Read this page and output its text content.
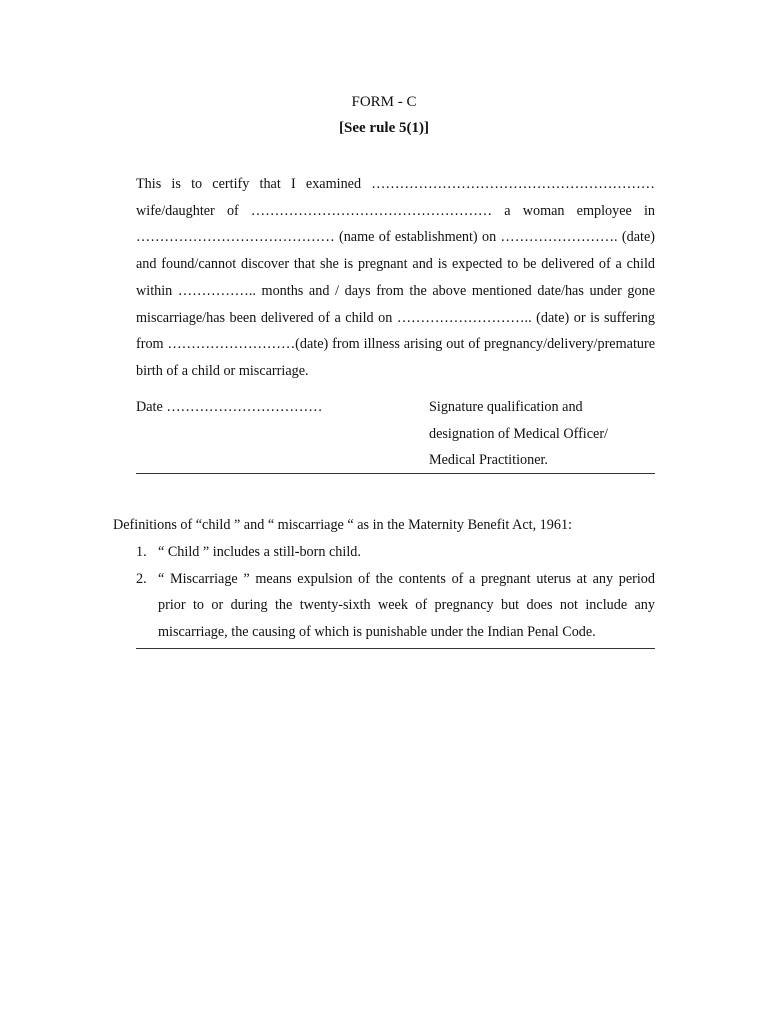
FORM - C
[See rule 5(1)]

This is to certify that I examined …………………………………………………… wife/daughter of …………………………………………… a woman employee in …………………………………… (name of establishment) on ……………………. (date) and found/cannot discover that she is pregnant and is expected to be delivered of a child within …………….. months and / days from the above mentioned date/has under gone miscarriage/has been delivered of a child on ……………………….. (date) or is suffering from ………………………(date) from illness arising out of pregnancy/delivery/premature birth of a child or miscarriage.

Date ……………………………	Signature qualification and
designation of Medical Officer/
Medical Practitioner.
Definitions of “child ” and “ miscarriage “ as in the Maternity Benefit Act, 1961:
1. “ Child ” includes a still-born child.
2. “ Miscarriage ” means expulsion of the contents of a pregnant uterus at any period prior to or during the twenty-sixth week of pregnancy but does not include any miscarriage, the causing of which is punishable under the Indian Penal Code.
